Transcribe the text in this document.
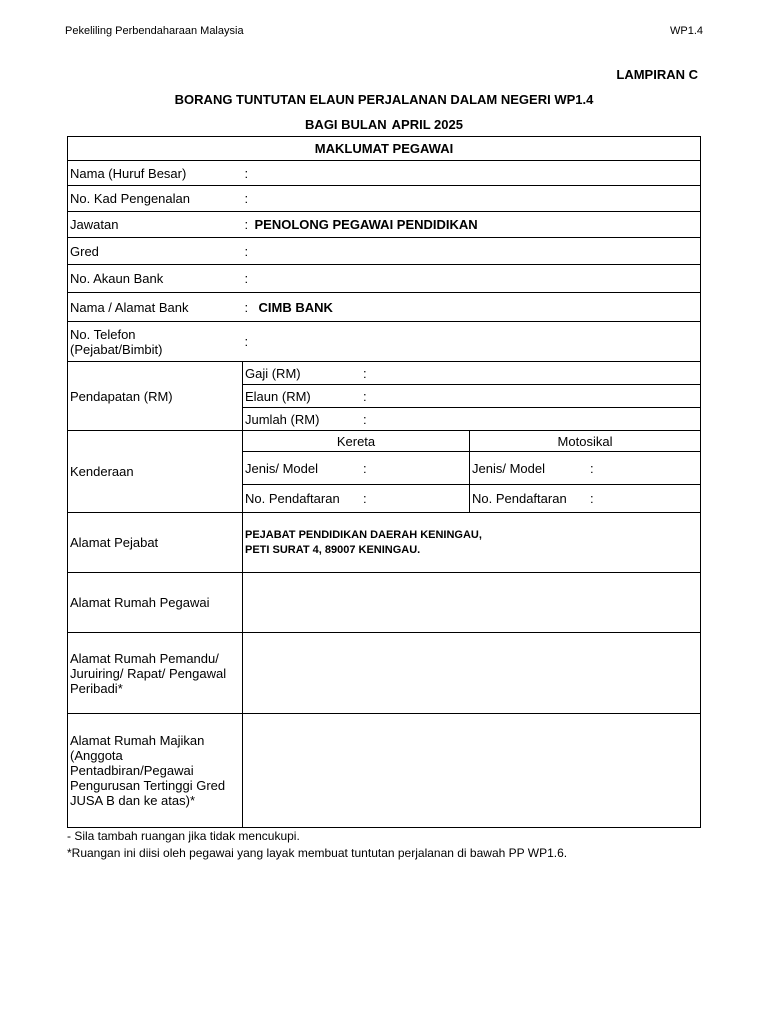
Pekeliling Perbendaharaan Malaysia	WP1.4
LAMPIRAN C
BORANG TUNTUTAN ELAUN PERJALANAN DALAM NEGERI WP1.4
BAGI BULAN APRIL 2025
MAKLUMAT PEGAWAI		
Nama (Huruf Besar)	:	
No. Kad Pengenalan	:	
Jawatan	: PENOLONG PEGAWAI PENDIDIKAN	
Gred	:	
No. Akaun Bank	:	
Nama / Alamat Bank	: CIMB BANK	
No. Telefon
(Pejabat/Bimbit)	:	
Pendapatan (RM)	Gaji (RM) :	
	Elaun (RM) :	
	Jumlah (RM) :	
Kenderaan	Kereta	Motosikal
	Jenis/ Model :	Jenis/ Model :
	No. Pendaftaran :	No. Pendaftaran :
Alamat Pejabat	PEJABAT PENDIDIKAN DAERAH KENINGAU,
PETI SURAT 4, 89007 KENINGAU.	
Alamat Rumah Pegawai		
Alamat Rumah Pemandu/
Juruiring/ Rapat/ Pengawal
Peribadi*		
Alamat Rumah Majikan
(Anggota
Pentadbiran/Pegawai
Pengurusan Tertinggi Gred
JUSA B dan ke atas)*		
- Sila tambah ruangan jika tidak mencukupi.
*Ruangan ini diisi oleh pegawai yang layak membuat tuntutan perjalanan di bawah PP WP1.6.
